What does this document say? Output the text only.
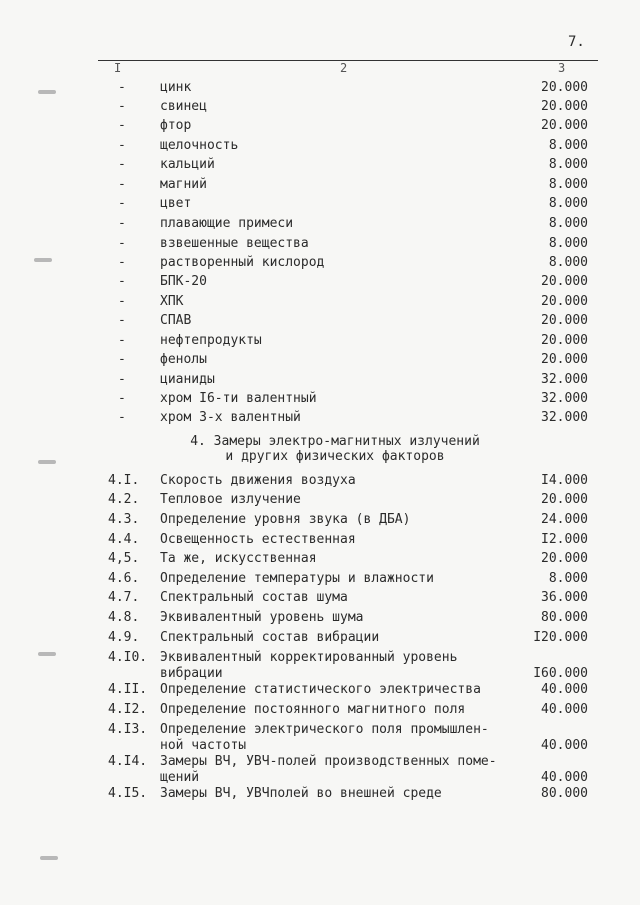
7.
I	2	3
-	цинк	20.000
-	свинец	20.000
-	фтор	20.000
-	щелочность	8.000
-	кальций	8.000
-	магний	8.000
-	цвет	8.000
-	плавающие примеси	8.000
-	взвешенные вещества	8.000
-	растворенный кислород	8.000
-	БПК-20	20.000
-	ХПК	20.000
-	СПАВ	20.000
-	нефтепродукты	20.000
-	фенолы	20.000
-	цианиды	32.000
-	хром I6-ти валентный	32.000
-	хром 3-х валентный	32.000
4. Замеры электро-магнитных излучений
и других физических факторов
4.I. Скорость движения воздуха	I4.000
4.2. Тепловое излучение	20.000
4.3. Определение уровня звука (в ДБА)	24.000
4.4. Освещенность естественная	I2.000
4,5. Та же, искусственная	20.000
4.6. Определение температуры и влажности	8.000
4.7. Спектральный состав шума	36.000
4.8. Эквивалентный уровень шума	80.000
4.9. Спектральный состав вибрации	I20.000
4.I0. Эквивалентный корректированный уровень
вибрации	I60.000
4.II. Определение статистического электричества	40.000
4.I2. Определение постоянного магнитного поля	40.000
4.I3. Определение электрического поля промышлен-
ной частоты	40.000
4.I4. Замеры ВЧ, УВЧ-полей производственных поме-
щений	40.000
4.I5. Замеры ВЧ, УВЧполей во внешней среде	80.000
